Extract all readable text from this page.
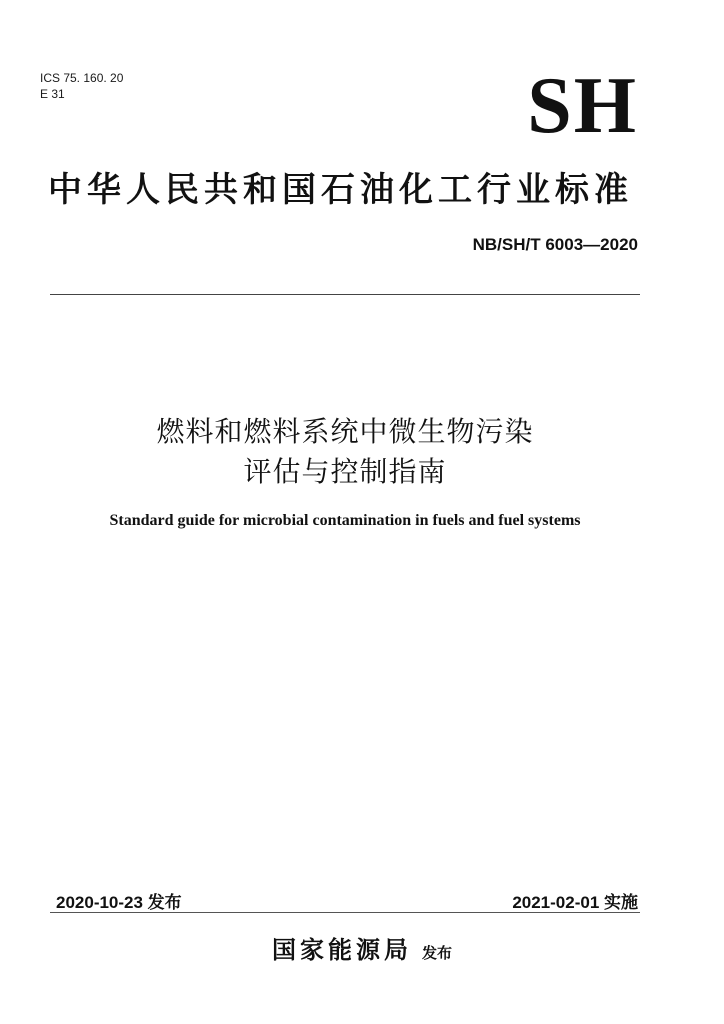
ICS 75. 160. 20
E 31	SH
中华人民共和国石油化工行业标准
NB/SH/T 6003—2020
燃料和燃料系统中微生物污染
评估与控制指南
Standard guide for microbial contamination in fuels and fuel systems
2020-10-23 发布	2021-02-01 实施
国家能源局 发布
